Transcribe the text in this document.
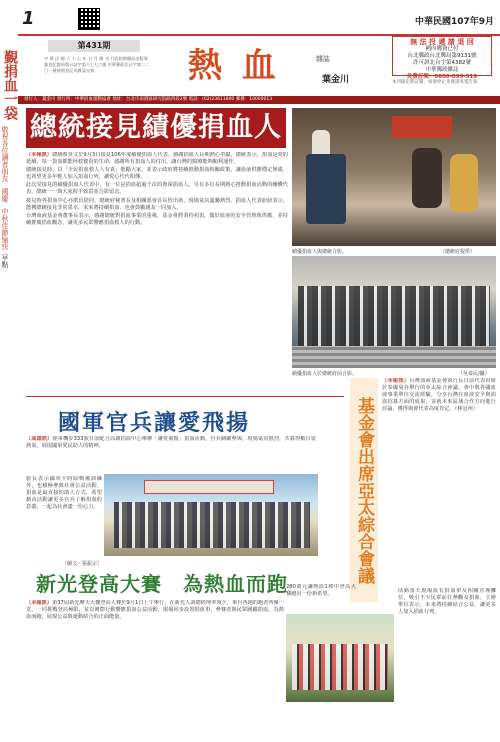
覲
捐血一袋
敬祝各位讀者朋友
國慶
中秋佳節愉快
早點
1	中華民國107年9月
第431期
中 華 民 國 六 十 七 年 五 月 創 刊 行政院新聞局出版事業登記證局版台誌字第八七七○號 中華郵政北台字第二二〇一號執照登記為雜誌交寄	熱 血	雜誌
葉金川
無 法 投 遞 請 退 回
國內郵資已付
台北郵政台北郵局第9131號
許可證北台字第4382號
中華郵政雜誌
免費訂閱：0800-099-519
本刊採定期訂閱，如欲停止寄發請來電告知
發行人：葉金川 發行所：中華捐血運動協會 地址：台北市南港區研究院路四段2號 電話：(02)23611800 郵撥：10000013
總統接見績優捐血人代表

（本報訊）總統蔡英文於9月3日接見106年度績優捐血人代表，感謝捐血人長期熱心奉獻，總統表示，捐血是愛的延續，每一袋血都能拯救寶貴的生命，感謝所有捐血人的付出，讓台灣的醫療能夠順利運作。

總統接見時，以「全民捐血救人人有責」勉勵大家，並表示政府將持續推動捐血相關政策，讓血液供應穩定無虞，也希望更多年輕人加入捐血行列，讓愛心代代相傳。

此次受接見的績優捐血人代表中，有一位是捐血超過千次的資深捐血人，另有多位長期熱心推動捐血活動的團體代表，總統一一與大家握手致意並合影留念。

接見時各捐血中心亦派員陪同，總統府秘書長及相關部會首長皆出席，現場氣氛溫馨熱烈。捐血人代表紛紛表示，能獲總統接見非常榮幸，未來將持續捐血，也會鼓勵親友一同加入。

台灣血液基金會董事長表示，感謝總統對捐血事業的重視，基金會將秉持初衷，做好血液的安全管理與供應，並持續推廣捐血觀念，讓更多民眾響應捐血救人的行動。

績優捐血人與總統合影。	（總統府提供）
績優捐血人於總統府前合影。	（吳泰民/攝）
國軍官兵讓愛飛揚
（高雄訊）陸軍機步333旅日前配合高雄捐血中心舉辦「讓愛飛揚」捐血活動，官兵踴躍參與，現場氣氛熱烈，共募得數百袋熱血，展現國軍愛民助人的精神。
旅長表示國軍平時除戰備訓練外，也積極參與社會公益活動，捐血是最直接的助人方式，希望藉由活動讓更多官兵了解捐血的意義，一起為社會盡一份心力。
（圖文／張振宗）	基金會出席亞太綜合會議
（本報訊）台灣血液基金會執行長日前代表出席於泰國曼谷舉行的亞太綜合會議，會中與各國血液事業單位交流經驗，分享台灣在血液安全與捐血招募方面的成果，並就未來區域合作方向進行討論，獲得與會代表高度肯定。（林冠州）
新光登高大賽　為熱血而跑
（本報訊）第37屆新光摩天大樓登高大賽於9月1日上午舉行，在新光人壽總經理率領下，來自各地的跑者齊聚一堂，一同挑戰登高極限，並以實際行動響應捐血公益活動，現場同步設置捐血車，參賽者與民眾踴躍捐血，為熱血而跑，展現公益與運動結合的正面能量。
280萬元讓熱血1棒中登高大賽跑出一份新希望。
活動當天現場設有捐血車及相關宣導攤位，吸引不少民眾前往參觀及捐血，主辦單位表示，未來將持續結合公益，讓更多人加入捐血行列。
